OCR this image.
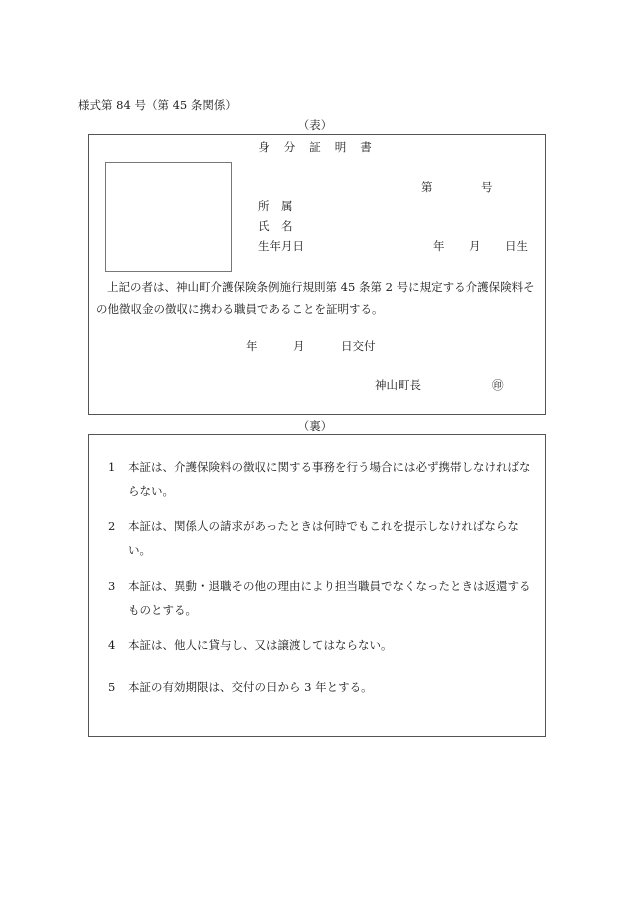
様式第 84 号（第 45 条関係）
（表）
身分証明書
第	号
所　属
氏　名
生年月日	年 月 日生
上記の者は、神山町介護保険条例施行規則第 45 条第 2 号に規定する介護保険料その他徴収金の徴収に携わる職員であることを証明する。
年	月	日交付
神山町長	㊞
（裏）
1	本証は、介護保険料の徴収に関する事務を行う場合には必ず携帯しなければならない。
2	本証は、関係人の請求があったときは何時でもこれを提示しなければならない。
3	本証は、異動・退職その他の理由により担当職員でなくなったときは返還するものとする。
4	本証は、他人に貸与し、又は譲渡してはならない。
5	本証の有効期限は、交付の日から 3 年とする。
